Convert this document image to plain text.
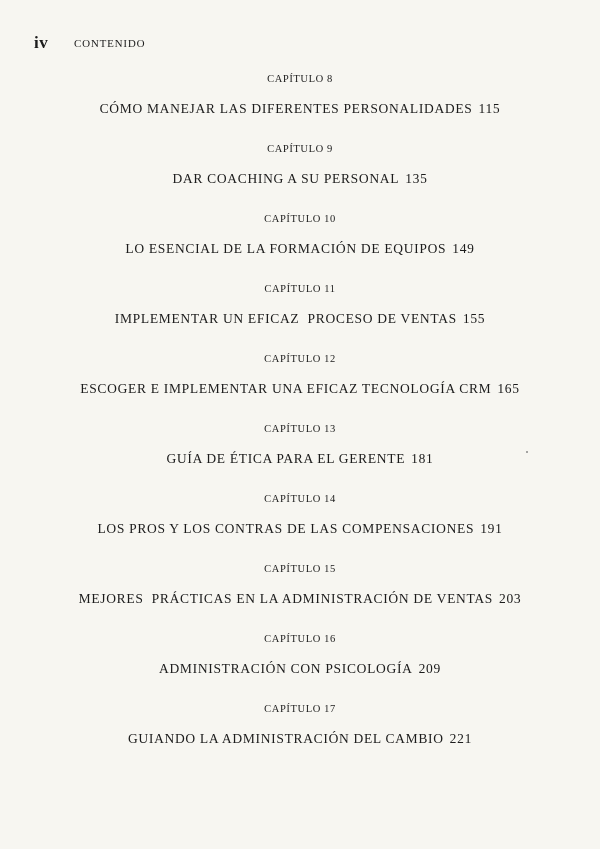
iv CONTENIDO
CAPÍTULO 8
CÓMO MANEJAR LAS DIFERENTES PERSONALIDADES 115
CAPÍTULO 9
DAR COACHING A SU PERSONAL 135
CAPÍTULO 10
LO ESENCIAL DE LA FORMACIÓN DE EQUIPOS 149
CAPÍTULO 11
IMPLEMENTAR UN EFICAZ  PROCESO DE VENTAS 155
CAPÍTULO 12
ESCOGER E IMPLEMENTAR UNA EFICAZ TECNOLOGÍA CRM 165
CAPÍTULO 13
GUÍA DE ÉTICA PARA EL GERENTE 181
CAPÍTULO 14
LOS PROS Y LOS CONTRAS DE LAS COMPENSACIONES 191
CAPÍTULO 15
MEJORES  PRÁCTICAS EN LA ADMINISTRACIÓN DE VENTAS 203
CAPÍTULO 16
ADMINISTRACIÓN CON PSICOLOGÍA 209
CAPÍTULO 17
GUIANDO LA ADMINISTRACIÓN DEL CAMBIO 221
